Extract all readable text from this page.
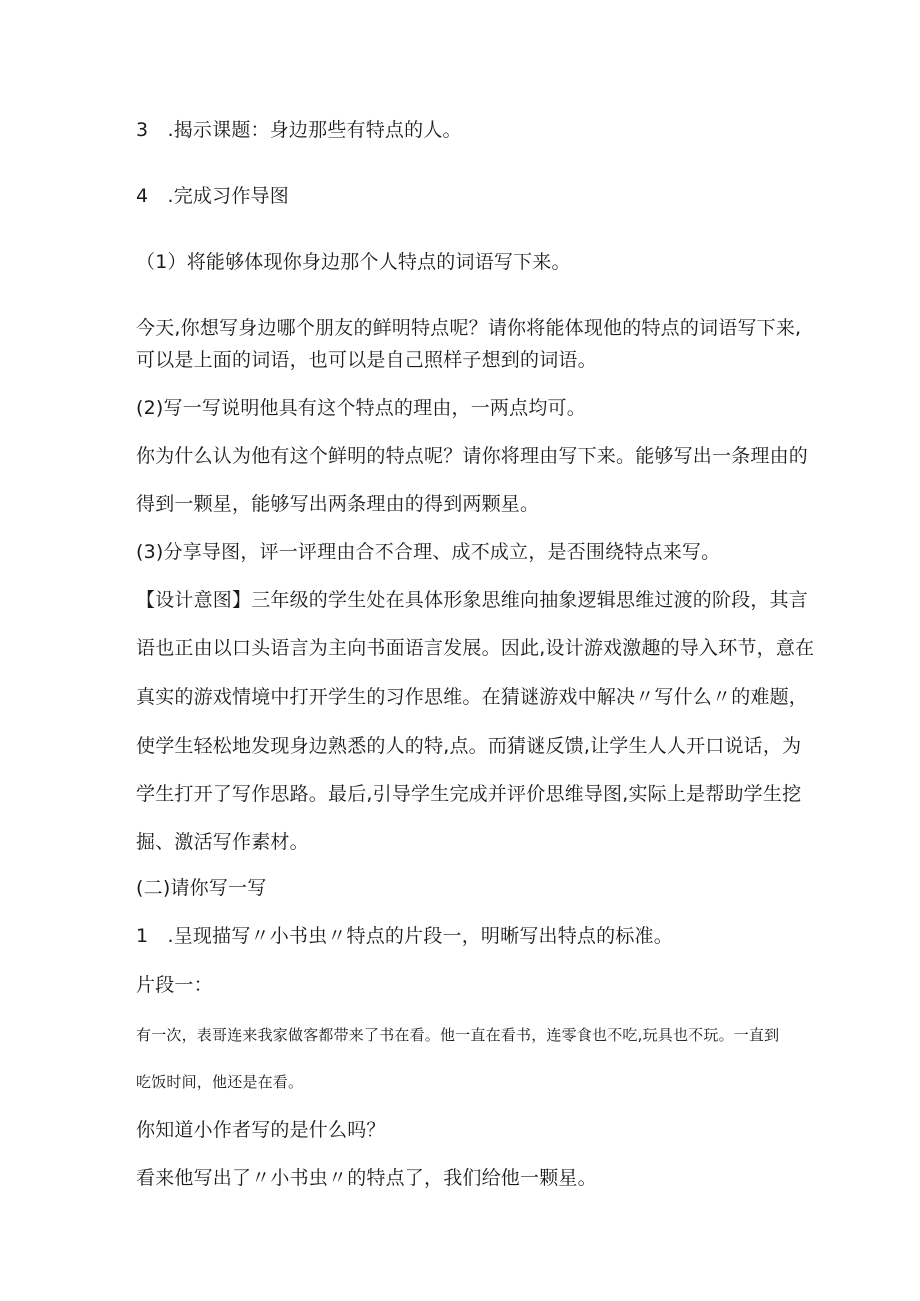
3　.揭示课题：身边那些有特点的人。
4　.完成习作导图
（1）将能够体现你身边那个人特点的词语写下来。
今天,你想写身边哪个朋友的鲜明特点呢？请你将能体现他的特点的词语写下来,
可以是上面的词语，也可以是自己照样子想到的词语。
(2)写一写说明他具有这个特点的理由，一两点均可。
你为什么认为他有这个鲜明的特点呢？请你将理由写下来。能够写出一条理由的
得到一颗星，能够写出两条理由的得到两颗星。
(3)分享导图，评一评理由合不合理、成不成立，是否围绕特点来写。
【设计意图】三年级的学生处在具体形象思维向抽象逻辑思维过渡的阶段，其言
语也正由以口头语言为主向书面语言发展。因此,设计游戏激趣的导入环节，意在
真实的游戏情境中打开学生的习作思维。在猜谜游戏中解决〃写什么〃的难题，
使学生轻松地发现身边熟悉的人的特,点。而猜谜反馈,让学生人人开口说话，为
学生打开了写作思路。最后,引导学生完成并评价思维导图,实际上是帮助学生挖
掘、激活写作素材。
(二)请你写一写
1　.呈现描写〃小书虫〃特点的片段一，明晰写出特点的标准。
片段一：
有一次，表哥连来我家做客都带来了书在看。他一直在看书，连零食也不吃,玩具也不玩。一直到
吃饭时间，他还是在看。
你知道小作者写的是什么吗？
看来他写出了〃小书虫〃的特点了，我们给他一颗星。
